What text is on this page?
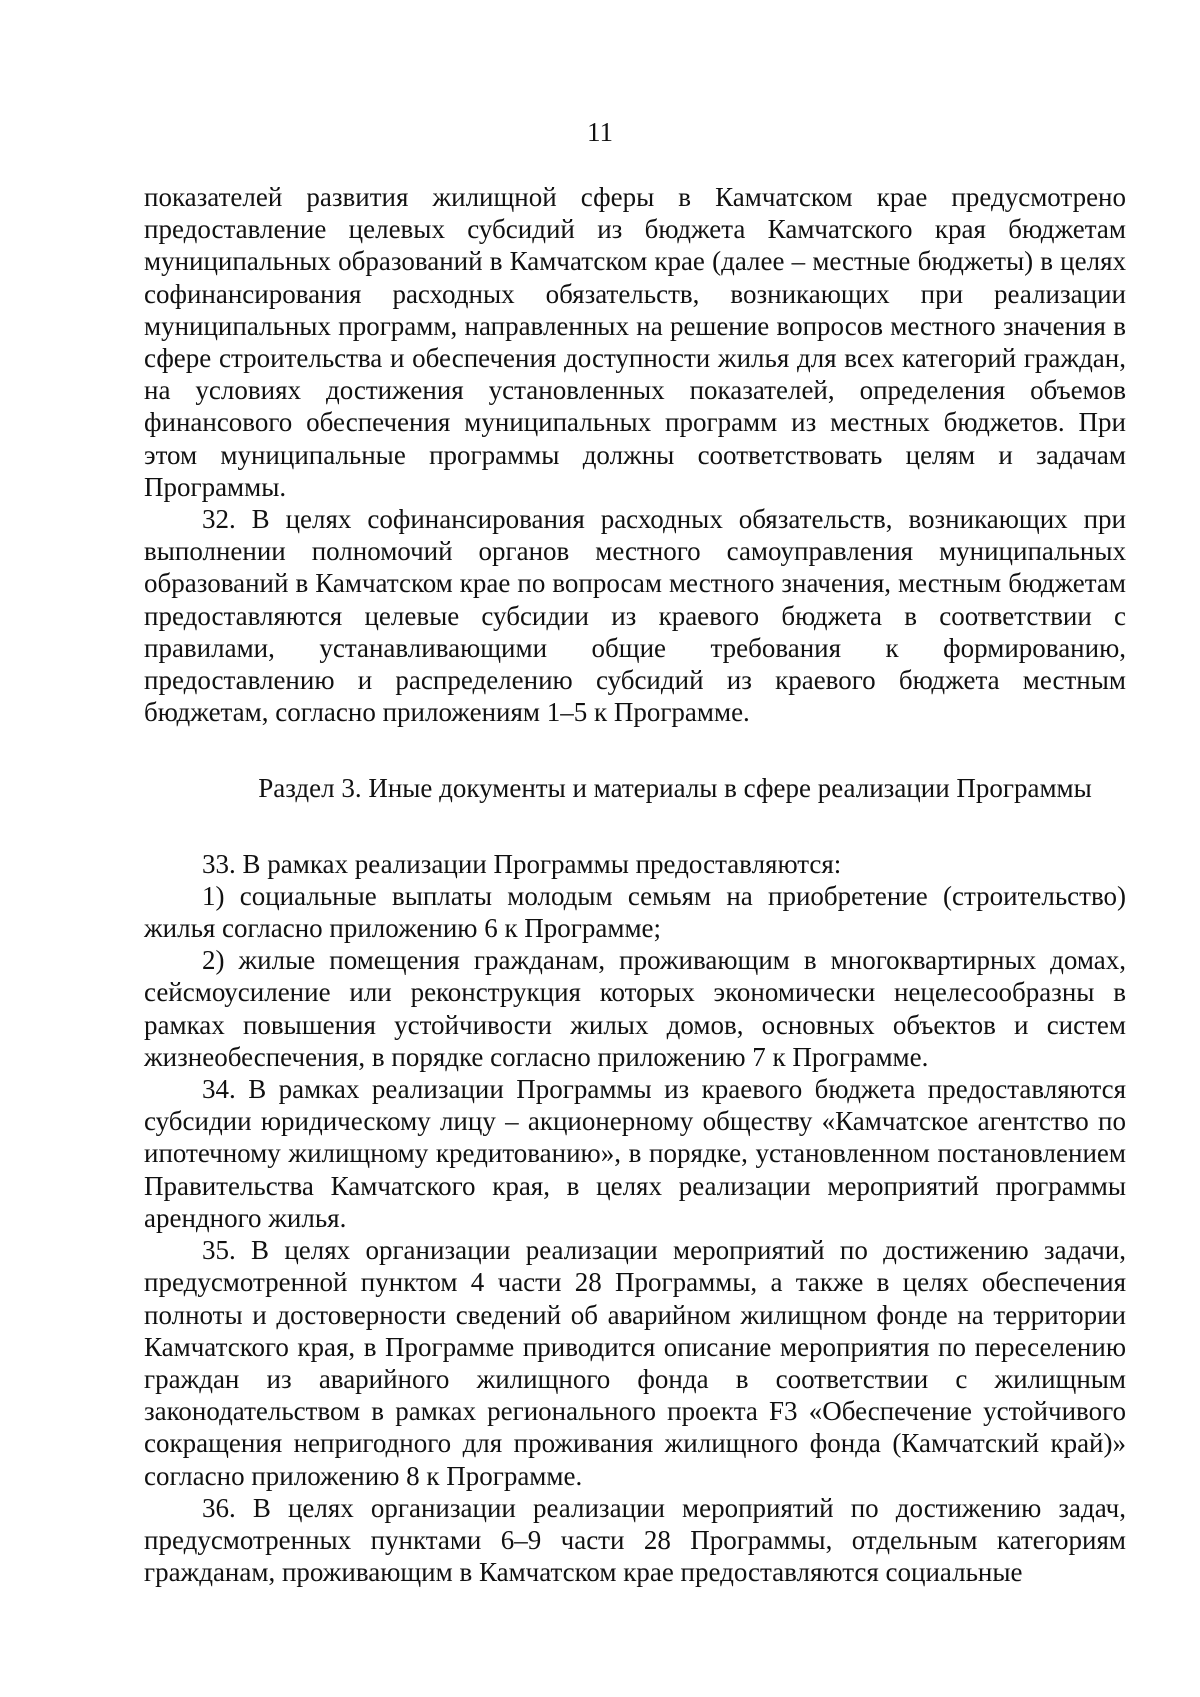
11

показателей развития жилищной сферы в Камчатском крае предусмотрено предоставление целевых субсидий из бюджета Камчатского края бюджетам муниципальных образований в Камчатском крае (далее – местные бюджеты) в целях софинансирования расходных обязательств, возникающих при реализации муниципальных программ, направленных на решение вопросов местного значения в сфере строительства и обеспечения доступности жилья для всех категорий граждан, на условиях достижения установленных показателей, определения объемов финансового обеспечения муниципальных программ из местных бюджетов. При этом муниципальные программы должны соответствовать целям и задачам Программы.

32. В целях софинансирования расходных обязательств, возникающих при выполнении полномочий органов местного самоуправления муниципальных образований в Камчатском крае по вопросам местного значения, местным бюджетам предоставляются целевые субсидии из краевого бюджета в соответствии с правилами, устанавливающими общие требования к формированию, предоставлению и распределению субсидий из краевого бюджета местным бюджетам, согласно приложениям 1–5 к Программе.

Раздел 3. Иные документы и материалы в сфере реализации Программы

33. В рамках реализации Программы предоставляются:

1) социальные выплаты молодым семьям на приобретение (строительство) жилья согласно приложению 6 к Программе;

2) жилые помещения гражданам, проживающим в многоквартирных домах, сейсмоусиление или реконструкция которых экономически нецелесообразны в рамках повышения устойчивости жилых домов, основных объектов и систем жизнеобеспечения, в порядке согласно приложению 7 к Программе.

34. В рамках реализации Программы из краевого бюджета предоставляются субсидии юридическому лицу – акционерному обществу «Камчатское агентство по ипотечному жилищному кредитованию», в порядке, установленном постановлением Правительства Камчатского края, в целях реализации мероприятий программы арендного жилья.

35. В целях организации реализации мероприятий по достижению задачи, предусмотренной пунктом 4 части 28 Программы, а также в целях обеспечения полноты и достоверности сведений об аварийном жилищном фонде на территории Камчатского края, в Программе приводится описание мероприятия по переселению граждан из аварийного жилищного фонда в соответствии с жилищным законодательством в рамках регионального проекта F3 «Обеспечение устойчивого сокращения непригодного для проживания жилищного фонда (Камчатский край)» согласно приложению 8 к Программе.

36. В целях организации реализации мероприятий по достижению задач, предусмотренных пунктами 6–9 части 28 Программы, отдельным категориям гражданам, проживающим в Камчатском крае предоставляются социальные
